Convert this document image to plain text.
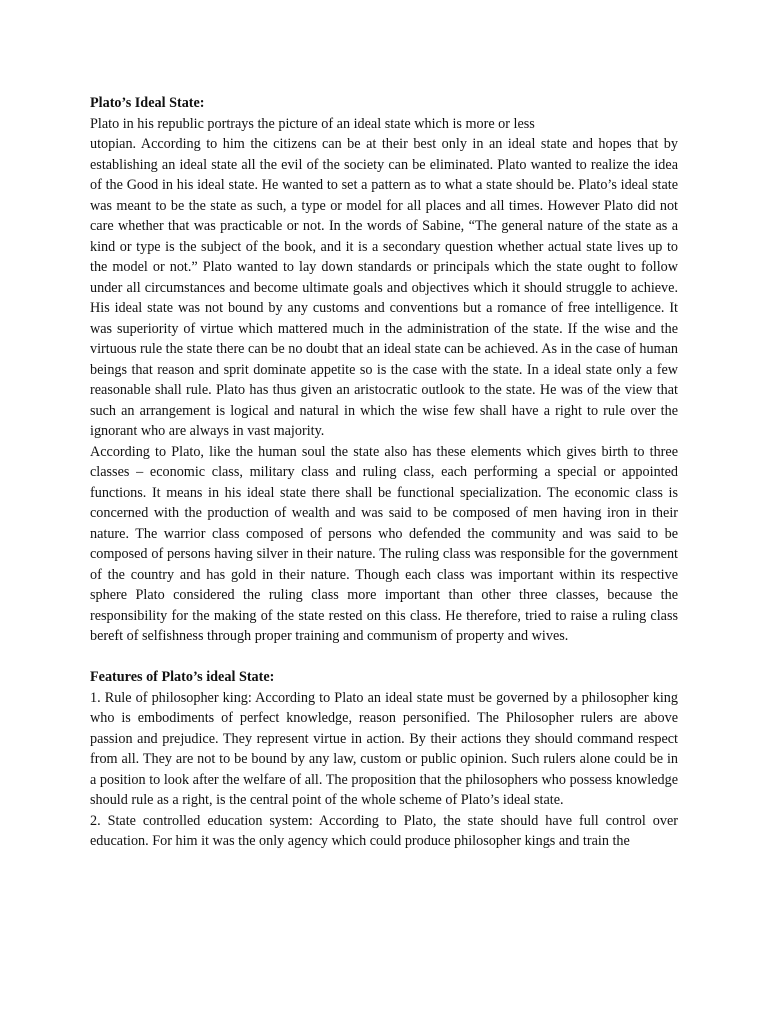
Plato’s Ideal State:

Plato in his republic portrays the picture of an ideal state which is more or less

utopian. According to him the citizens can be at their best only in an ideal state and hopes that by establishing an ideal state all the evil of the society can be eliminated. Plato wanted to realize the idea of the Good in his ideal state. He wanted to set a pattern as to what a state should be. Plato’s ideal state was meant to be the state as such, a type or model for all places and all times. However Plato did not care whether that was practicable or not. In the words of Sabine, “The general nature of the state as a kind or type is the subject of the book, and it is a secondary question whether actual state lives up to the model or not.” Plato wanted to lay down standards or principals which the state ought to follow under all circumstances and become ultimate goals and objectives which it should struggle to achieve. His ideal state was not bound by any customs and conventions but a romance of free intelligence. It was superiority of virtue which mattered much in the administration of the state. If the wise and the virtuous rule the state there can be no doubt that an ideal state can be achieved. As in the case of human beings that reason and sprit dominate appetite so is the case with the state. In a ideal state only a few reasonable shall rule. Plato has thus given an aristocratic outlook to the state. He was of the view that such an arrangement is logical and natural in which the wise few shall have a right to rule over the ignorant who are always in vast majority.

According to Plato, like the human soul the state also has these elements which gives birth to three classes – economic class, military class and ruling class, each performing a special or appointed functions. It means in his ideal state there shall be functional specialization. The economic class is concerned with the production of wealth and was said to be composed of men having iron in their nature. The warrior class composed of persons who defended the community and was said to be composed of persons having silver in their nature. The ruling class was responsible for the government of the country and has gold in their nature. Though each class was important within its respective sphere Plato considered the ruling class more important than other three classes, because the responsibility for the making of the state rested on this class. He therefore, tried to raise a ruling class bereft of selfishness through proper training and communism of property and wives.

Features of Plato’s ideal State:

1. Rule of philosopher king: According to Plato an ideal state must be governed by a philosopher king who is embodiments of perfect knowledge, reason personified. The Philosopher rulers are above passion and prejudice. They represent virtue in action. By their actions they should command respect from all. They are not to be bound by any law, custom or public opinion. Such rulers alone could be in a position to look after the welfare of all. The proposition that the philosophers who possess knowledge should rule as a right, is the central point of the whole scheme of Plato’s ideal state.

2. State controlled education system: According to Plato, the state should have full control over education. For him it was the only agency which could produce philosopher kings and train the
